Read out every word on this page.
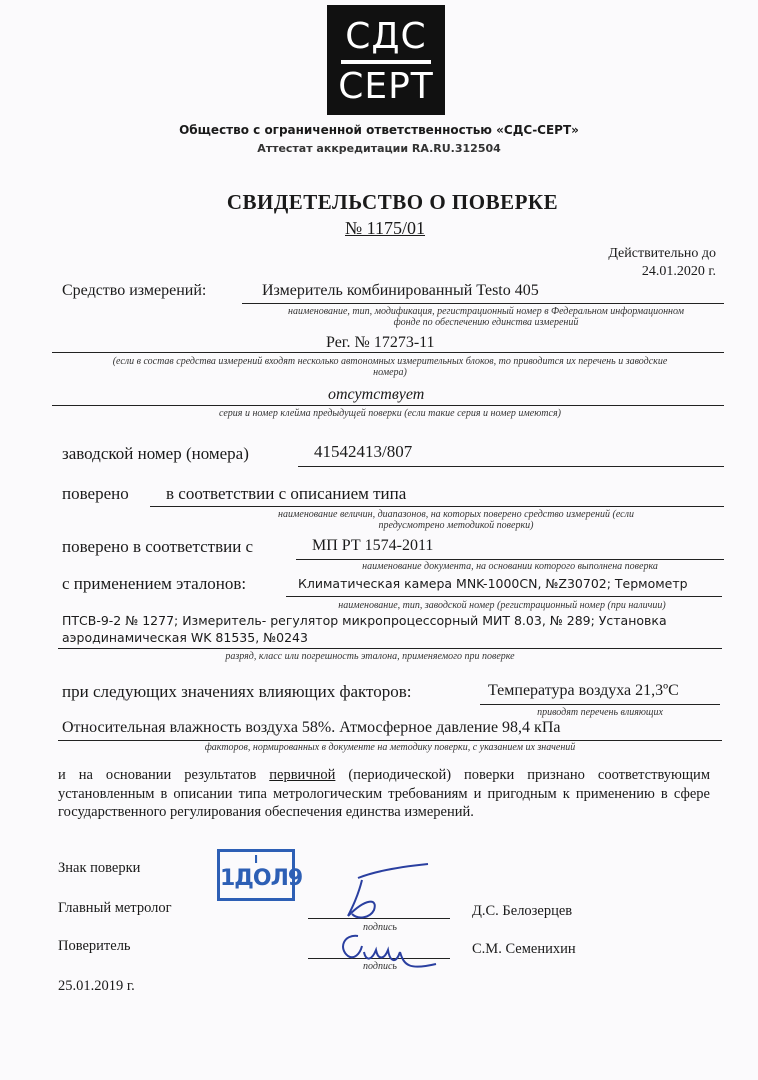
СДС
СЕРТ
Общество с ограниченной ответственностью «СДС-СЕРТ»
Аттестат аккредитации RA.RU.312504
СВИДЕТЕЛЬСТВО О ПОВЕРКЕ
№ 1175/01
Действительно до
24.01.2020 г.
Средство измерений:	Измеритель комбинированный Testo 405
наименование, тип, модификация, регистрационный номер в Федеральном информационном фонде по обеспечению единства измерений
Рег. № 17273-11
(если в состав средства измерений входят несколько автономных измерительных блоков, то приводится их перечень и заводские номера)
отсутствует
серия и номер клейма предыдущей поверки (если такие серия и номер имеются)
заводской номер (номера)	41542413/807
поверено в соответствии с описанием типа
наименование величин, диапазонов, на которых поверено средство измерений (если предусмотрено методикой поверки)
поверено в соответствии с	МП РТ 1574-2011
наименование документа, на основании которого выполнена поверка
с применением эталонов:	Климатическая камера MNK-1000CN, №Z30702; Термометр
наименование, тип, заводской номер (регистрационный номер (при наличии)
ПТСВ-9-2 № 1277; Измеритель- регулятор микропроцессорный МИТ 8.03, № 289; Установка
аэродинамическая WK 81535, №0243
разряд, класс или погрешность эталона, применяемого при поверке
при следующих значениях влияющих факторов:	Температура воздуха 21,3ºС
приводят перечень влияющих
Относительная влажность воздуха 58%. Атмосферное давление 98,4 кПа
факторов, нормированных в документе на методику поверки, с указанием их значений
и на основании результатов первичной (периодической) поверки признано соответствующим установленным в описании типа метрологическим требованиям и пригодным к применению в сфере государственного регулирования обеспечения единства измерений.
Знак поверки
I
1ДОЛ9
Главный метролог
подпись
Д.С. Белозерцев
Поверитель
подпись
С.М. Семенихин
25.01.2019 г.
